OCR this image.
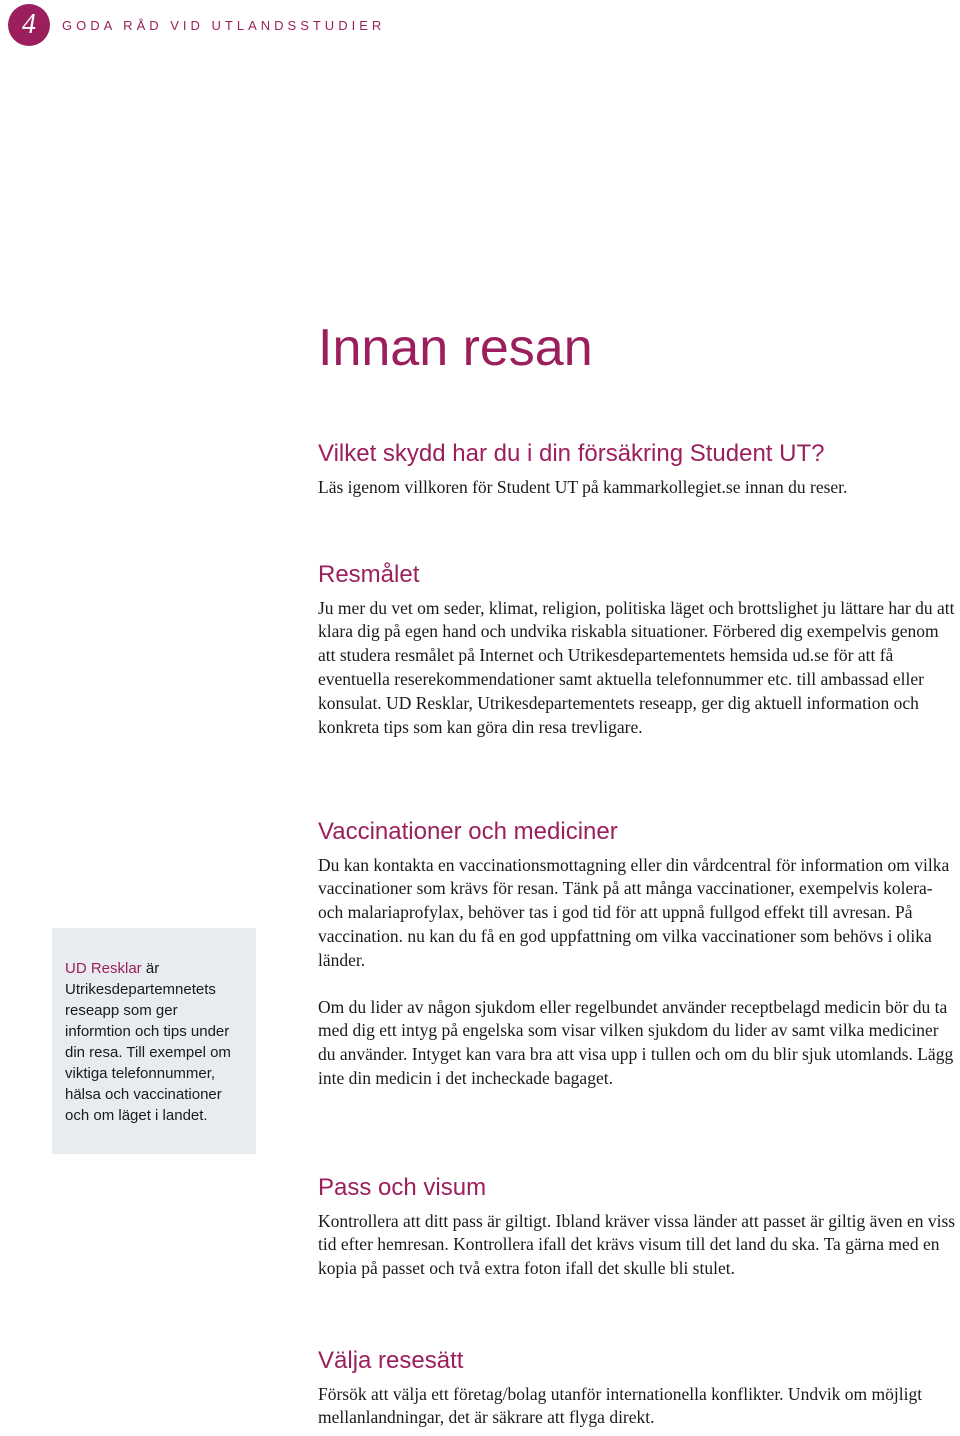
4	GODA RÅD VID UTLANDSSTUDIER
Innan resan
Vilket skydd har du i din försäkring Student UT?

Läs igenom villkoren för Student UT på kammarkollegiet.se innan du reser.

Resmålet

Ju mer du vet om seder, klimat, religion, politiska läget och brottslighet ju lättare har du att klara dig på egen hand och undvika riskabla situationer. Förbered dig exempelvis genom att studera resmålet på Internet och Utrikesdepartementets hemsida ud.se för att få eventuella reserekommendationer samt aktuella telefonnummer etc. till ambassad eller konsulat. UD Resklar, Utrikesdepartementets reseapp, ger dig aktuell information och konkreta tips som kan göra din resa trevligare.

Vaccinationer och mediciner

Du kan kontakta en vaccinationsmottagning eller din vårdcentral för information om vilka vaccinationer som krävs för resan. Tänk på att många vaccinationer, exempelvis kolera- och malariaprofylax, behöver tas i god tid för att uppnå fullgod effekt till avresan. På vaccination. nu kan du få en god uppfattning om vilka vaccinationer som behövs i olika länder.

Om du lider av någon sjukdom eller regelbundet använder receptbelagd medicin bör du ta med dig ett intyg på engelska som visar vilken sjukdom du lider av samt vilka mediciner du använder. Intyget kan vara bra att visa upp i tullen och om du blir sjuk utomlands. Lägg inte din medicin i det incheckade bagaget.

Pass och visum

Kontrollera att ditt pass är giltigt. Ibland kräver vissa länder att passet är giltig även en viss tid efter hemresan. Kontrollera ifall det krävs visum till det land du ska. Ta gärna med en kopia på passet och två extra foton ifall det skulle bli stulet.

Välja resesätt

Försök att välja ett företag/bolag utanför internationella konflikter. Undvik om möjligt mellanlandningar, det är säkrare att flyga direkt.

UD Resklar är Utrikesdepartemnetets reseapp som ger informtion och tips under din resa. Till exempel om viktiga telefonnummer, hälsa och vaccinationer och om läget i landet.
